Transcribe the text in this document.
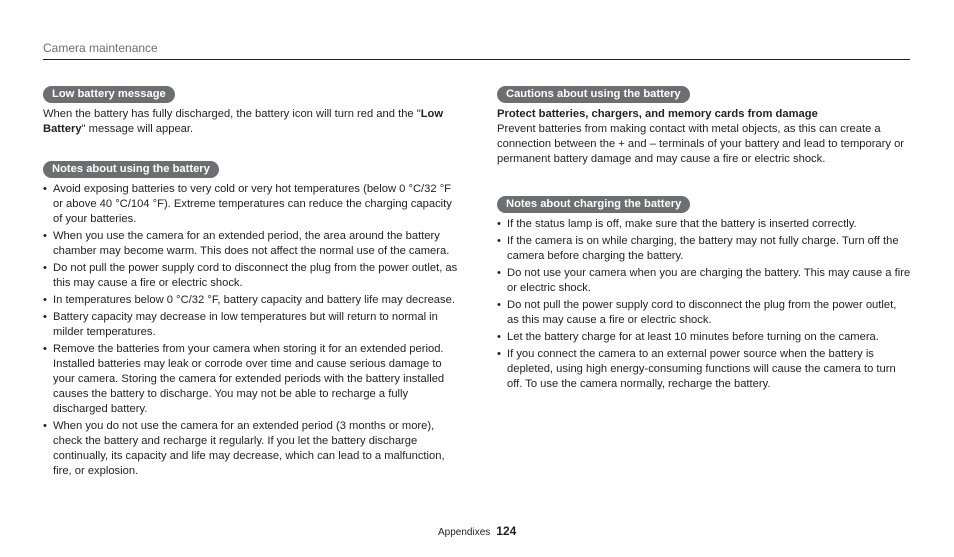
Camera maintenance
Low battery message

When the battery has fully discharged, the battery icon will turn red and the "Low Battery" message will appear.

Notes about using the battery
• Avoid exposing batteries to very cold or very hot temperatures (below 0 °C/32 °F or above 40 °C/104 °F). Extreme temperatures can reduce the charging capacity of your batteries.
• When you use the camera for an extended period, the area around the battery chamber may become warm. This does not affect the normal use of the camera.
• Do not pull the power supply cord to disconnect the plug from the power outlet, as this may cause a fire or electric shock.
• In temperatures below 0 °C/32 °F, battery capacity and battery life may decrease.
• Battery capacity may decrease in low temperatures but will return to normal in milder temperatures.
• Remove the batteries from your camera when storing it for an extended period. Installed batteries may leak or corrode over time and cause serious damage to your camera. Storing the camera for extended periods with the battery installed causes the battery to discharge. You may not be able to recharge a fully discharged battery.
• When you do not use the camera for an extended period (3 months or more), check the battery and recharge it regularly. If you let the battery discharge continually, its capacity and life may decrease, which can lead to a malfunction, fire, or explosion.
Cautions about using the battery

Protect batteries, chargers, and memory cards from damage

Prevent batteries from making contact with metal objects, as this can create a connection between the + and – terminals of your battery and lead to temporary or permanent battery damage and may cause a fire or electric shock.

Notes about charging the battery
• If the status lamp is off, make sure that the battery is inserted correctly.
• If the camera is on while charging, the battery may not fully charge. Turn off the camera before charging the battery.
• Do not use your camera when you are charging the battery. This may cause a fire or electric shock.
• Do not pull the power supply cord to disconnect the plug from the power outlet, as this may cause a fire or electric shock.
• Let the battery charge for at least 10 minutes before turning on the camera.
• If you connect the camera to an external power source when the battery is depleted, using high energy-consuming functions will cause the camera to turn off. To use the camera normally, recharge the battery.
Appendixes 124
